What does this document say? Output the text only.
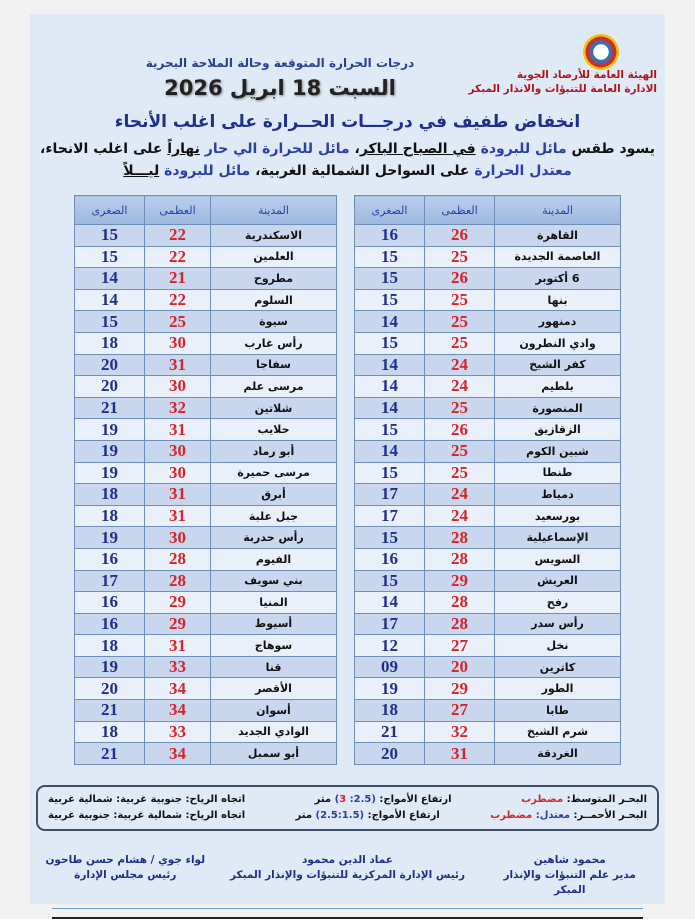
الهيئة العامة للأرصاد الجوية
الادارة العامة للتنبؤات والانذار المبكر
درجات الحرارة المتوقعة وحالة الملاحة البحرية
السبت 18 ابريل 2026
انخفاض طفيف في درجـــات الحــرارة على اغلب الأنحاء
يسود طقس مائل للبرودة في الصباح الباكر، مائل للحرارة الي حار نهاراً على اغلب الانحاء،
معتدل الحرارة على السواحل الشمالية الغربية، مائل للبرودة ليـــلاً
المدينة	العظمى	الصغرى
القاهرة	26	16
العاصمة الجديدة	25	15
6 أكتوبر	26	15
بنها	25	15
دمنهور	25	14
وادي النطرون	25	15
كفر الشيخ	24	14
بلطيم	24	14
المنصورة	25	14
الزقازيق	26	15
شبين الكوم	25	14
طنطا	25	15
دمياط	24	17
بورسعيد	24	17
الإسماعيلية	28	15
السويس	28	16
العريش	29	15
رفح	28	14
رأس سدر	28	17
نخل	27	12
كاترين	20	09
الطور	29	19
طابا	27	18
شرم الشيخ	32	21
الغردقة	31	20
المدينة	العظمى	الصغرى
الاسكندرية	22	15
العلمين	22	15
مطروح	21	14
السلوم	22	14
سيوة	25	15
رأس غارب	30	18
سفاجا	31	20
مرسى علم	30	20
شلاتين	32	21
حلايب	31	19
أبو رماد	30	19
مرسى حميرة	30	19
أبرق	31	18
جبل علبة	31	18
رأس حدربة	30	19
الفيوم	28	16
بني سويف	28	17
المنيا	29	16
أسيوط	29	16
سوهاج	31	18
قنا	33	19
الأقصر	34	20
أسوان	34	21
الوادي الجديد	33	18
أبو سمبل	34	21
البحـر المتوسط: مضطرب
ارتفاع الأمواج: (2.5: 3) متر
اتجاه الرياح: جنوبية غربية: شمالية غربية
البحـر الأحمــر: معتدل: مضطرب
ارتفاع الأمواج: (2.5:1.5) متر
اتجاه الرياح: شمالية غربية: جنوبية غربية
محمود شاهين
مدير علم التنبؤات والإنذار المبكر
عماد الدين محمود
رئيس الإدارة المركزية للتنبؤات والإنذار المبكر
لواء جوي / هشام حسن طاحون
رئيس مجلس الإدارة
